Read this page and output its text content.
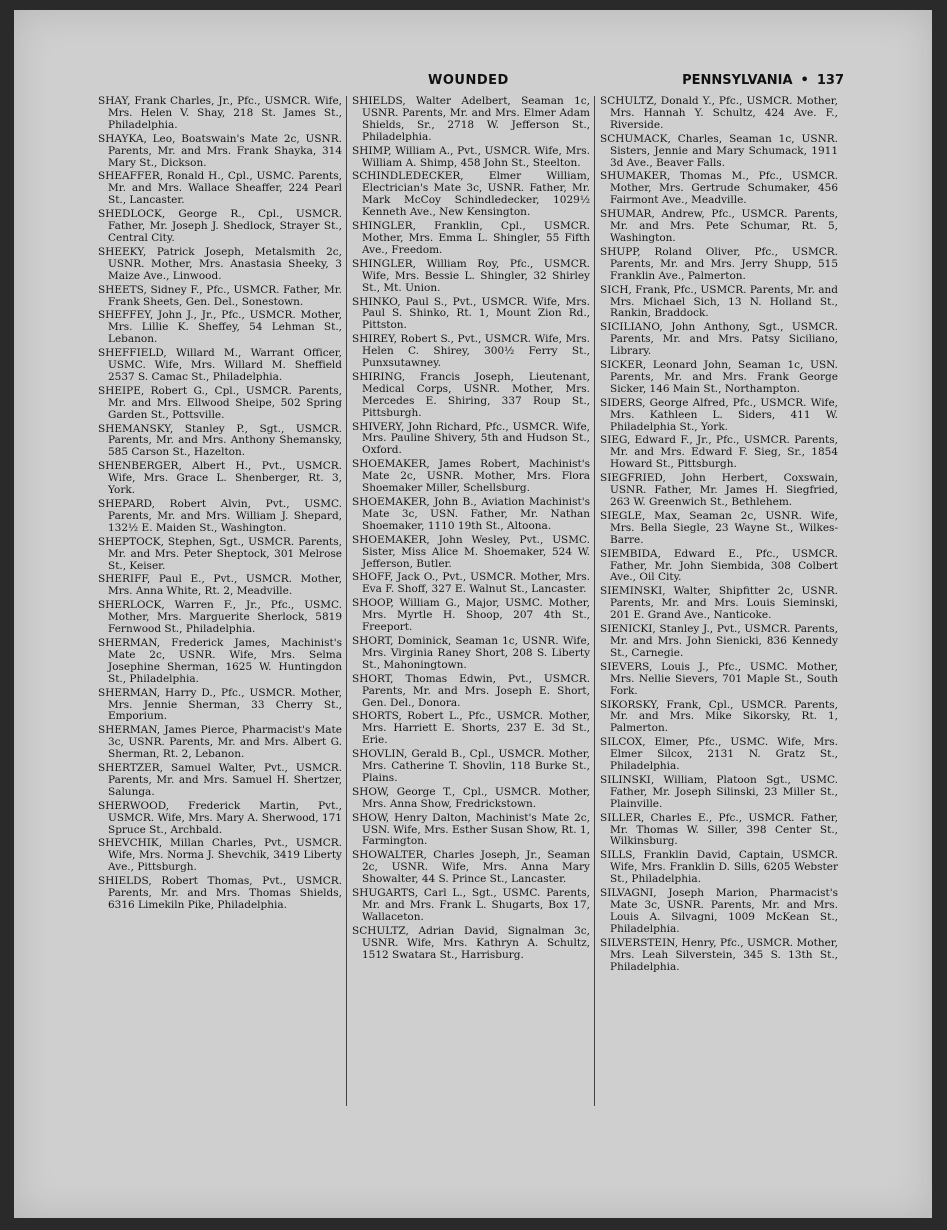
WOUNDED	PENNSYLVANIA • 137

SHAY, Frank Charles, Jr., Pfc., USMCR. Wife, Mrs. Helen V. Shay, 218 St. James St., Philadelphia.

SHAYKA, Leo, Boatswain's Mate 2c, USNR. Parents, Mr. and Mrs. Frank Shayka, 314 Mary St., Dickson.

SHEAFFER, Ronald H., Cpl., USMC. Parents, Mr. and Mrs. Wallace Sheaffer, 224 Pearl St., Lancaster.

SHEDLOCK, George R., Cpl., USMCR. Father, Mr. Joseph J. Shedlock, Strayer St., Central City.

SHEEKY, Patrick Joseph, Metalsmith 2c, USNR. Mother, Mrs. Anastasia Sheeky, 3 Maize Ave., Linwood.

SHEETS, Sidney F., Pfc., USMCR. Father, Mr. Frank Sheets, Gen. Del., Sonestown.

SHEFFEY, John J., Jr., Pfc., USMCR. Mother, Mrs. Lillie K. Sheffey, 54 Lehman St., Lebanon.

SHEFFIELD, Willard M., Warrant Officer, USMC. Wife, Mrs. Willard M. Sheffield 2537 S. Camac St., Philadelphia.

SHEIPE, Robert G., Cpl., USMCR. Parents, Mr. and Mrs. Ellwood Sheipe, 502 Spring Garden St., Pottsville.

SHEMANSKY, Stanley P., Sgt., USMCR. Parents, Mr. and Mrs. Anthony Shemansky, 585 Carson St., Hazelton.

SHENBERGER, Albert H., Pvt., USMCR. Wife, Mrs. Grace L. Shenberger, Rt. 3, York.

SHEPARD, Robert Alvin, Pvt., USMC. Parents, Mr. and Mrs. William J. Shepard, 132½ E. Maiden St., Washington.

SHEPTOCK, Stephen, Sgt., USMCR. Parents, Mr. and Mrs. Peter Sheptock, 301 Melrose St., Keiser.

SHERIFF, Paul E., Pvt., USMCR. Mother, Mrs. Anna White, Rt. 2, Meadville.

SHERLOCK, Warren F., Jr., Pfc., USMC. Mother, Mrs. Marguerite Sherlock, 5819 Fernwood St., Philadelphia.

SHERMAN, Frederick James, Machinist's Mate 2c, USNR. Wife, Mrs. Selma Josephine Sherman, 1625 W. Huntingdon St., Philadelphia.

SHERMAN, Harry D., Pfc., USMCR. Mother, Mrs. Jennie Sherman, 33 Cherry St., Emporium.

SHERMAN, James Pierce, Pharmacist's Mate 3c, USNR. Parents, Mr. and Mrs. Albert G. Sherman, Rt. 2, Lebanon.

SHERTZER, Samuel Walter, Pvt., USMCR. Parents, Mr. and Mrs. Samuel H. Shertzer, Salunga.

SHERWOOD, Frederick Martin, Pvt., USMCR. Wife, Mrs. Mary A. Sherwood, 171 Spruce St., Archbald.

SHEVCHIK, Millan Charles, Pvt., USMCR. Wife, Mrs. Norma J. Shevchik, 3419 Liberty Ave., Pittsburgh.

SHIELDS, Robert Thomas, Pvt., USMCR. Parents, Mr. and Mrs. Thomas Shields, 6316 Limekiln Pike, Philadelphia.

SHIELDS, Walter Adelbert, Seaman 1c, USNR. Parents, Mr. and Mrs. Elmer Adam Shields, Sr., 2718 W. Jefferson St., Philadelphia.

SHIMP, William A., Pvt., USMCR. Wife, Mrs. William A. Shimp, 458 John St., Steelton.

SCHINDLEDECKER, Elmer William, Electrician's Mate 3c, USNR. Father, Mr. Mark McCoy Schindledecker, 1029½ Kenneth Ave., New Kensington.

SHINGLER, Franklin, Cpl., USMCR. Mother, Mrs. Emma L. Shingler, 55 Fifth Ave., Freedom.

SHINGLER, William Roy, Pfc., USMCR. Wife, Mrs. Bessie L. Shingler, 32 Shirley St., Mt. Union.

SHINKO, Paul S., Pvt., USMCR. Wife, Mrs. Paul S. Shinko, Rt. 1, Mount Zion Rd., Pittston.

SHIREY, Robert S., Pvt., USMCR. Wife, Mrs. Helen C. Shirey, 300½ Ferry St., Punxsutawney.

SHIRING, Francis Joseph, Lieutenant, Medical Corps, USNR. Mother, Mrs. Mercedes E. Shiring, 337 Roup St., Pittsburgh.

SHIVERY, John Richard, Pfc., USMCR. Wife, Mrs. Pauline Shivery, 5th and Hudson St., Oxford.

SHOEMAKER, James Robert, Machinist's Mate 2c, USNR. Mother, Mrs. Flora Shoemaker Miller, Schellsburg.

SHOEMAKER, John B., Aviation Machinist's Mate 3c, USN. Father, Mr. Nathan Shoemaker, 1110 19th St., Altoona.

SHOEMAKER, John Wesley, Pvt., USMC. Sister, Miss Alice M. Shoemaker, 524 W. Jefferson, Butler.

SHOFF, Jack O., Pvt., USMCR. Mother, Mrs. Eva F. Shoff, 327 E. Walnut St., Lancaster.

SHOOP, William G., Major, USMC. Mother, Mrs. Myrtle H. Shoop, 207 4th St., Freeport.

SHORT, Dominick, Seaman 1c, USNR. Wife, Mrs. Virginia Raney Short, 208 S. Liberty St., Mahoningtown.

SHORT, Thomas Edwin, Pvt., USMCR. Parents, Mr. and Mrs. Joseph E. Short, Gen. Del., Donora.

SHORTS, Robert L., Pfc., USMCR. Mother, Mrs. Harriett E. Shorts, 237 E. 3d St., Erie.

SHOVLIN, Gerald B., Cpl., USMCR. Mother, Mrs. Catherine T. Shovlin, 118 Burke St., Plains.

SHOW, George T., Cpl., USMCR. Mother, Mrs. Anna Show, Fredrickstown.

SHOW, Henry Dalton, Machinist's Mate 2c, USN. Wife, Mrs. Esther Susan Show, Rt. 1, Farmington.

SHOWALTER, Charles Joseph, Jr., Seaman 2c, USNR. Wife, Mrs. Anna Mary Showalter, 44 S. Prince St., Lancaster.

SHUGARTS, Carl L., Sgt., USMC. Parents, Mr. and Mrs. Frank L. Shugarts, Box 17, Wallaceton.

SCHULTZ, Adrian David, Signalman 3c, USNR. Wife, Mrs. Kathryn A. Schultz, 1512 Swatara St., Harrisburg.

SCHULTZ, Donald Y., Pfc., USMCR. Mother, Mrs. Hannah Y. Schultz, 424 Ave. F., Riverside.

SCHUMACK, Charles, Seaman 1c, USNR. Sisters, Jennie and Mary Schumack, 1911 3d Ave., Beaver Falls.

SHUMAKER, Thomas M., Pfc., USMCR. Mother, Mrs. Gertrude Schumaker, 456 Fairmont Ave., Meadville.

SHUMAR, Andrew, Pfc., USMCR. Parents, Mr. and Mrs. Pete Schumar, Rt. 5, Washington.

SHUPP, Roland Oliver, Pfc., USMCR. Parents, Mr. and Mrs. Jerry Shupp, 515 Franklin Ave., Palmerton.

SICH, Frank, Pfc., USMCR. Parents, Mr. and Mrs. Michael Sich, 13 N. Holland St., Rankin, Braddock.

SICILIANO, John Anthony, Sgt., USMCR. Parents, Mr. and Mrs. Patsy Siciliano, Library.

SICKER, Leonard John, Seaman 1c, USN. Parents, Mr. and Mrs. Frank George Sicker, 146 Main St., Northampton.

SIDERS, George Alfred, Pfc., USMCR. Wife, Mrs. Kathleen L. Siders, 411 W. Philadelphia St., York.

SIEG, Edward F., Jr., Pfc., USMCR. Parents, Mr. and Mrs. Edward F. Sieg, Sr., 1854 Howard St., Pittsburgh.

SIEGFRIED, John Herbert, Coxswain, USNR. Father, Mr. James H. Siegfried, 263 W. Greenwich St., Bethlehem.

SIEGLE, Max, Seaman 2c, USNR. Wife, Mrs. Bella Siegle, 23 Wayne St., Wilkes-Barre.

SIEMBIDA, Edward E., Pfc., USMCR. Father, Mr. John Siembida, 308 Colbert Ave., Oil City.

SIEMINSKI, Walter, Shipfitter 2c, USNR. Parents, Mr. and Mrs. Louis Sieminski, 201 E. Grand Ave., Nanticoke.

SIENICKI, Stanley J., Pvt., USMCR. Parents, Mr. and Mrs. John Sienicki, 836 Kennedy St., Carnegie.

SIEVERS, Louis J., Pfc., USMC. Mother, Mrs. Nellie Sievers, 701 Maple St., South Fork.

SIKORSKY, Frank, Cpl., USMCR. Parents, Mr. and Mrs. Mike Sikorsky, Rt. 1, Palmerton.

SILCOX, Elmer, Pfc., USMC. Wife, Mrs. Elmer Silcox, 2131 N. Gratz St., Philadelphia.

SILINSKI, William, Platoon Sgt., USMC. Father, Mr. Joseph Silinski, 23 Miller St., Plainville.

SILLER, Charles E., Pfc., USMCR. Father, Mr. Thomas W. Siller, 398 Center St., Wilkinsburg.

SILLS, Franklin David, Captain, USMCR. Wife, Mrs. Franklin D. Sills, 6205 Webster St., Philadelphia.

SILVAGNI, Joseph Marion, Pharmacist's Mate 3c, USNR. Parents, Mr. and Mrs. Louis A. Silvagni, 1009 McKean St., Philadelphia.

SILVERSTEIN, Henry, Pfc., USMCR. Mother, Mrs. Leah Silverstein, 345 S. 13th St., Philadelphia.
